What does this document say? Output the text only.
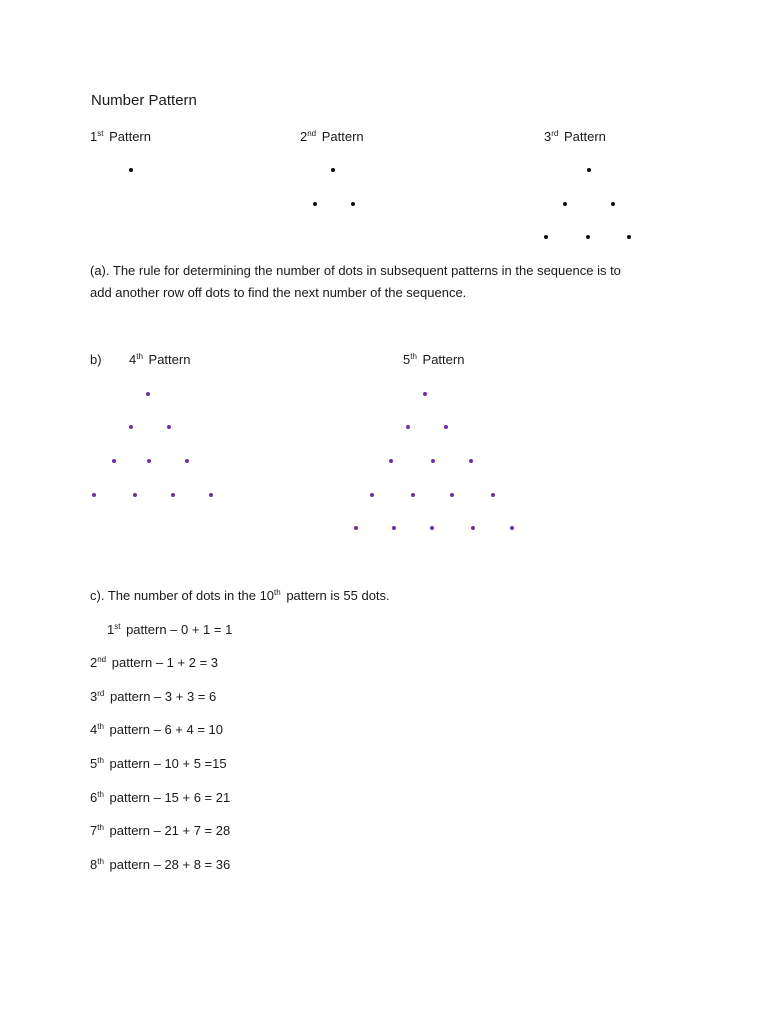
Number Pattern
1st Pattern	2nd Pattern	3rd Pattern
(a). The rule for determining the number of dots in subsequent patterns in the sequence is to
add another row off dots to find the next number of the sequence.
b) 4th Pattern	5th Pattern
c). The number of dots in the 10th pattern is 55 dots.
1st pattern – 0 + 1 = 1
2nd pattern – 1 + 2 = 3
3rd pattern – 3 + 3 = 6
4th pattern – 6 + 4 = 10
5th pattern – 10 + 5 =15
6th pattern – 15 + 6 = 21
7th pattern – 21 + 7 = 28
8th pattern – 28 + 8 = 36
